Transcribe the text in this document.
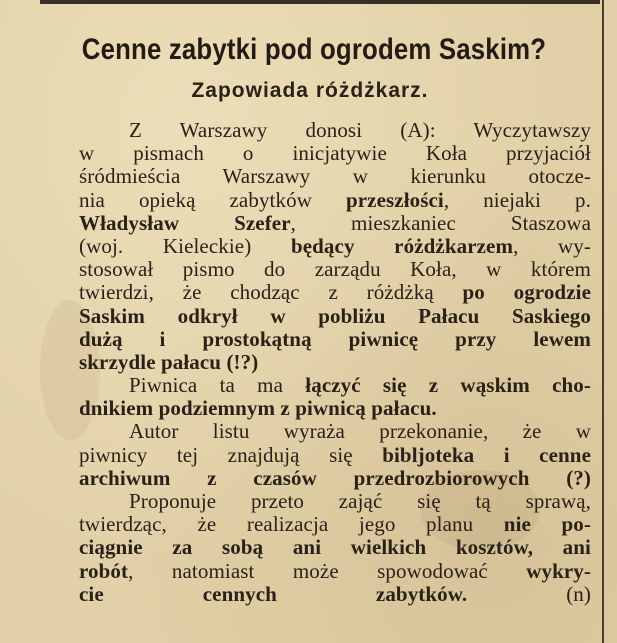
Cenne zabytki pod ogrodem Saskim?
Zapowiada różdżkarz.
Z Warszawy donosi (A): Wyczytawszy
w pismach o inicjatywie Koła przyjaciół
śródmieścia Warszawy w kierunku otocze-
nia opieką zabytków przeszłości, niejaki p.
Władysław Szefer, mieszkaniec Staszowa
(woj. Kieleckie) będący różdżkarzem, wy-
stosował pismo do zarządu Koła, w którem
twierdzi, że chodząc z różdżką po ogrodzie
Saskim odkrył w pobliżu Pałacu Saskiego
dużą i prostokątną piwnicę przy lewem
skrzydle pałacu (!?)
Piwnica ta ma łączyć się z wąskim cho-
dnikiem podziemnym z piwnicą pałacu.
Autor listu wyraża przekonanie, że w
piwnicy tej znajdują się bibljoteka i cenne
archiwum z czasów przedrozbiorowych (?)
Proponuje przeto zająć się tą sprawą,
twierdząc, że realizacja jego planu nie po-
ciągnie za sobą ani wielkich kosztów, ani
robót, natomiast może spowodować wykry-
cie cennych zabytków. (n)
